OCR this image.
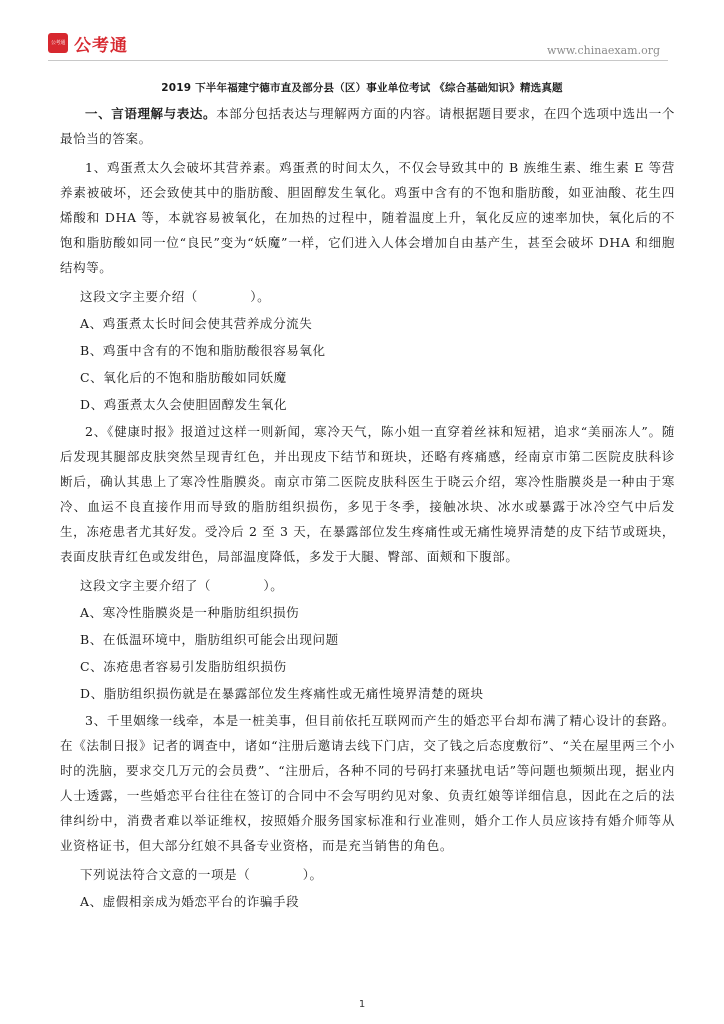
公考通 公考通	www.chinaexam.org
2019 下半年福建宁德市直及部分县（区）事业单位考试 《综合基础知识》精选真题

一、言语理解与表达。本部分包括表达与理解两方面的内容。请根据题目要求，在四个选项中选出一个最恰当的答案。

1、鸡蛋煮太久会破坏其营养素。鸡蛋煮的时间太久，不仅会导致其中的 B 族维生素、维生素 E 等营养素被破坏，还会致使其中的脂肪酸、胆固醇发生氧化。鸡蛋中含有的不饱和脂肪酸，如亚油酸、花生四烯酸和 DHA 等，本就容易被氧化，在加热的过程中，随着温度上升，氧化反应的速率加快，氧化后的不饱和脂肪酸如同一位“良民”变为“妖魔”一样，它们进入人体会增加自由基产生，甚至会破坏 DHA 和细胞结构等。

这段文字主要介绍（　　　　）。

A、鸡蛋煮太长时间会使其营养成分流失

B、鸡蛋中含有的不饱和脂肪酸很容易氧化

C、氧化后的不饱和脂肪酸如同妖魔

D、鸡蛋煮太久会使胆固醇发生氧化

2、《健康时报》报道过这样一则新闻，寒冷天气，陈小姐一直穿着丝袜和短裙，追求“美丽冻人”。随后发现其腿部皮肤突然呈现青红色，并出现皮下结节和斑块，还略有疼痛感，经南京市第二医院皮肤科诊断后，确认其患上了寒冷性脂膜炎。南京市第二医院皮肤科医生于晓云介绍，寒冷性脂膜炎是一种由于寒冷、血运不良直接作用而导致的脂肪组织损伤，多见于冬季，接触冰块、冰水或暴露于冰冷空气中后发生，冻疮患者尤其好发。受冷后 2 至 3 天，在暴露部位发生疼痛性或无痛性境界清楚的皮下结节或斑块，表面皮肤青红色或发绀色，局部温度降低，多发于大腿、臀部、面颊和下腹部。

这段文字主要介绍了（　　　　）。

A、寒冷性脂膜炎是一种脂肪组织损伤

B、在低温环境中，脂肪组织可能会出现问题

C、冻疮患者容易引发脂肪组织损伤

D、脂肪组织损伤就是在暴露部位发生疼痛性或无痛性境界清楚的斑块

3、千里姻缘一线牵，本是一桩美事，但目前依托互联网而产生的婚恋平台却布满了精心设计的套路。在《法制日报》记者的调查中，诸如“注册后邀请去线下门店，交了钱之后态度敷衍”、“关在屋里两三个小时的洗脑，要求交几万元的会员费”、“注册后，各种不同的号码打来骚扰电话”等问题也频频出现，据业内人士透露，一些婚恋平台往往在签订的合同中不会写明约见对象、负责红娘等详细信息，因此在之后的法律纠纷中，消费者难以举证维权，按照婚介服务国家标准和行业准则，婚介工作人员应该持有婚介师等从业资格证书，但大部分红娘不具备专业资格，而是充当销售的角色。

下列说法符合文意的一项是（　　　　）。

A、虚假相亲成为婚恋平台的诈骗手段

1
